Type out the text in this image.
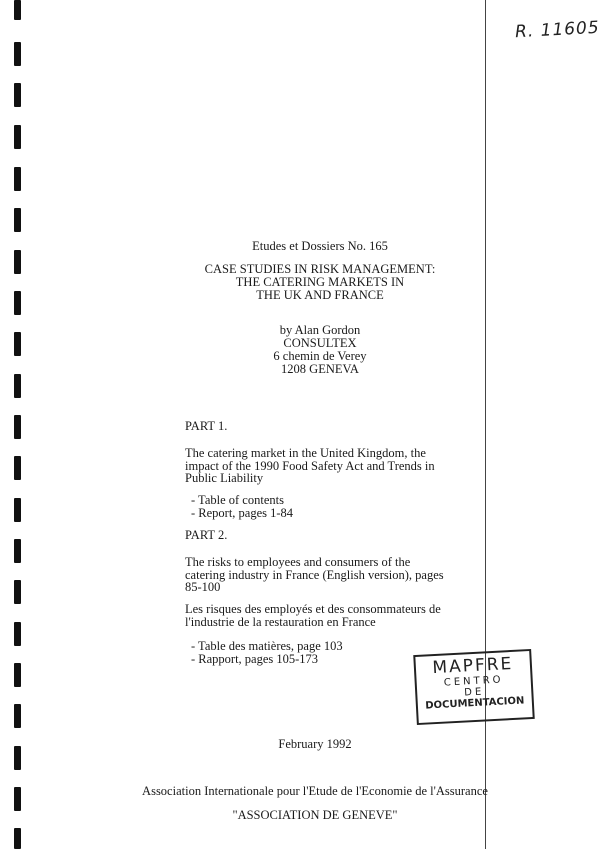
R. 11605
Etudes et Dossiers No. 165
CASE STUDIES IN RISK MANAGEMENT:
THE CATERING MARKETS IN
THE UK AND FRANCE
by Alan Gordon
CONSULTEX
6 chemin de Verey
1208 GENEVA
PART 1.
The catering market in the United Kingdom, the
impact of the 1990 Food Safety Act and Trends in
Public Liability
- Table of contents
- Report, pages 1-84
PART 2.
The risks to employees and consumers of the
catering industry in France (English version), pages
85-100
Les risques des employés et des consommateurs de
l'industrie de la restauration en France
- Table des matières, page 103
- Rapport, pages 105-173	MAPFRE
CENTRO
DE
DOCUMENTACION
February 1992
Association Internationale pour l'Etude de l'Economie de l'Assurance
"ASSOCIATION DE GENEVE"
